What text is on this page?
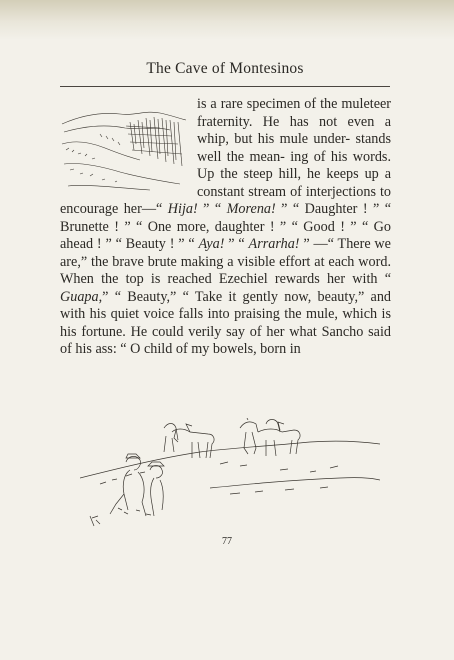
The Cave of Montesinos
is a rare specimen of the muleteer fraternity. He has not even a whip, but his mule under- stands well the mean- ing of his words. Up the steep hill, he keeps up a constant stream of interjections to encourage her—“ Hija! ” “ Morena! ” “ Daughter ! ” “ Brunette ! ” “ One more, daughter ! ” “ Good ! ” “ Go ahead ! ” “ Beauty ! ” “ Aya! ” “ Arrarha! ” —“ There we are,” the brave brute making a visible effort at each word. When the top is reached Ezechiel rewards her with “ Guapa,” “ Beauty,” “ Take it gently now, beauty,” and with his quiet voice falls into praising the mule, which is his fortune. He could verily say of her what Sancho said of his ass: “ O child of my bowels, born in
77
